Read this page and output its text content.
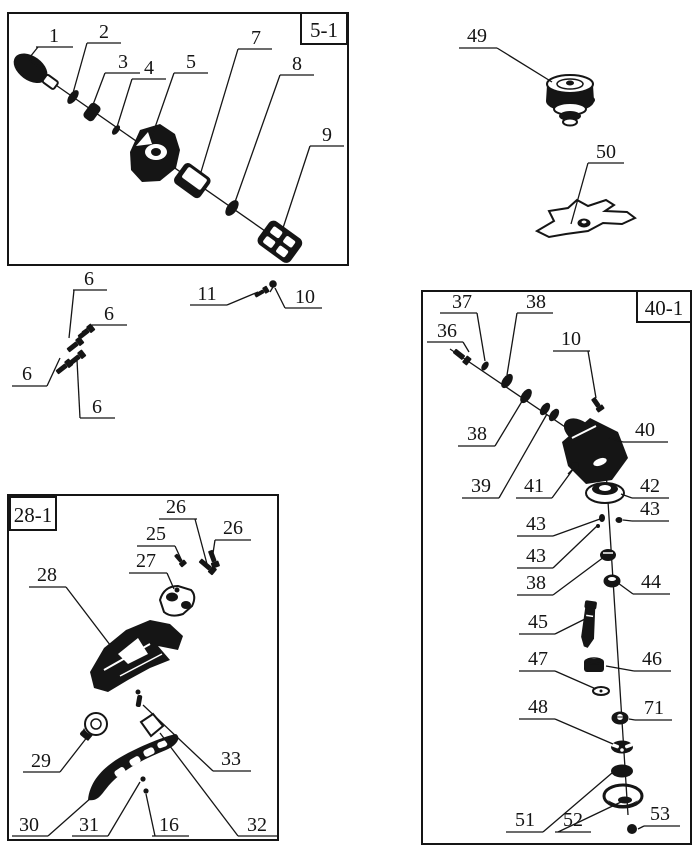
5-1
1 2
3 4 5
7
8
9
6
6
6
6
11	10
49
50
28-1	26
26
25
27
28
29
30 31	16	32
33
40-1
37	38
36	10
40
38
39 41	42
43
43
43
38	44
45
46
47
71
48
51 52	53
